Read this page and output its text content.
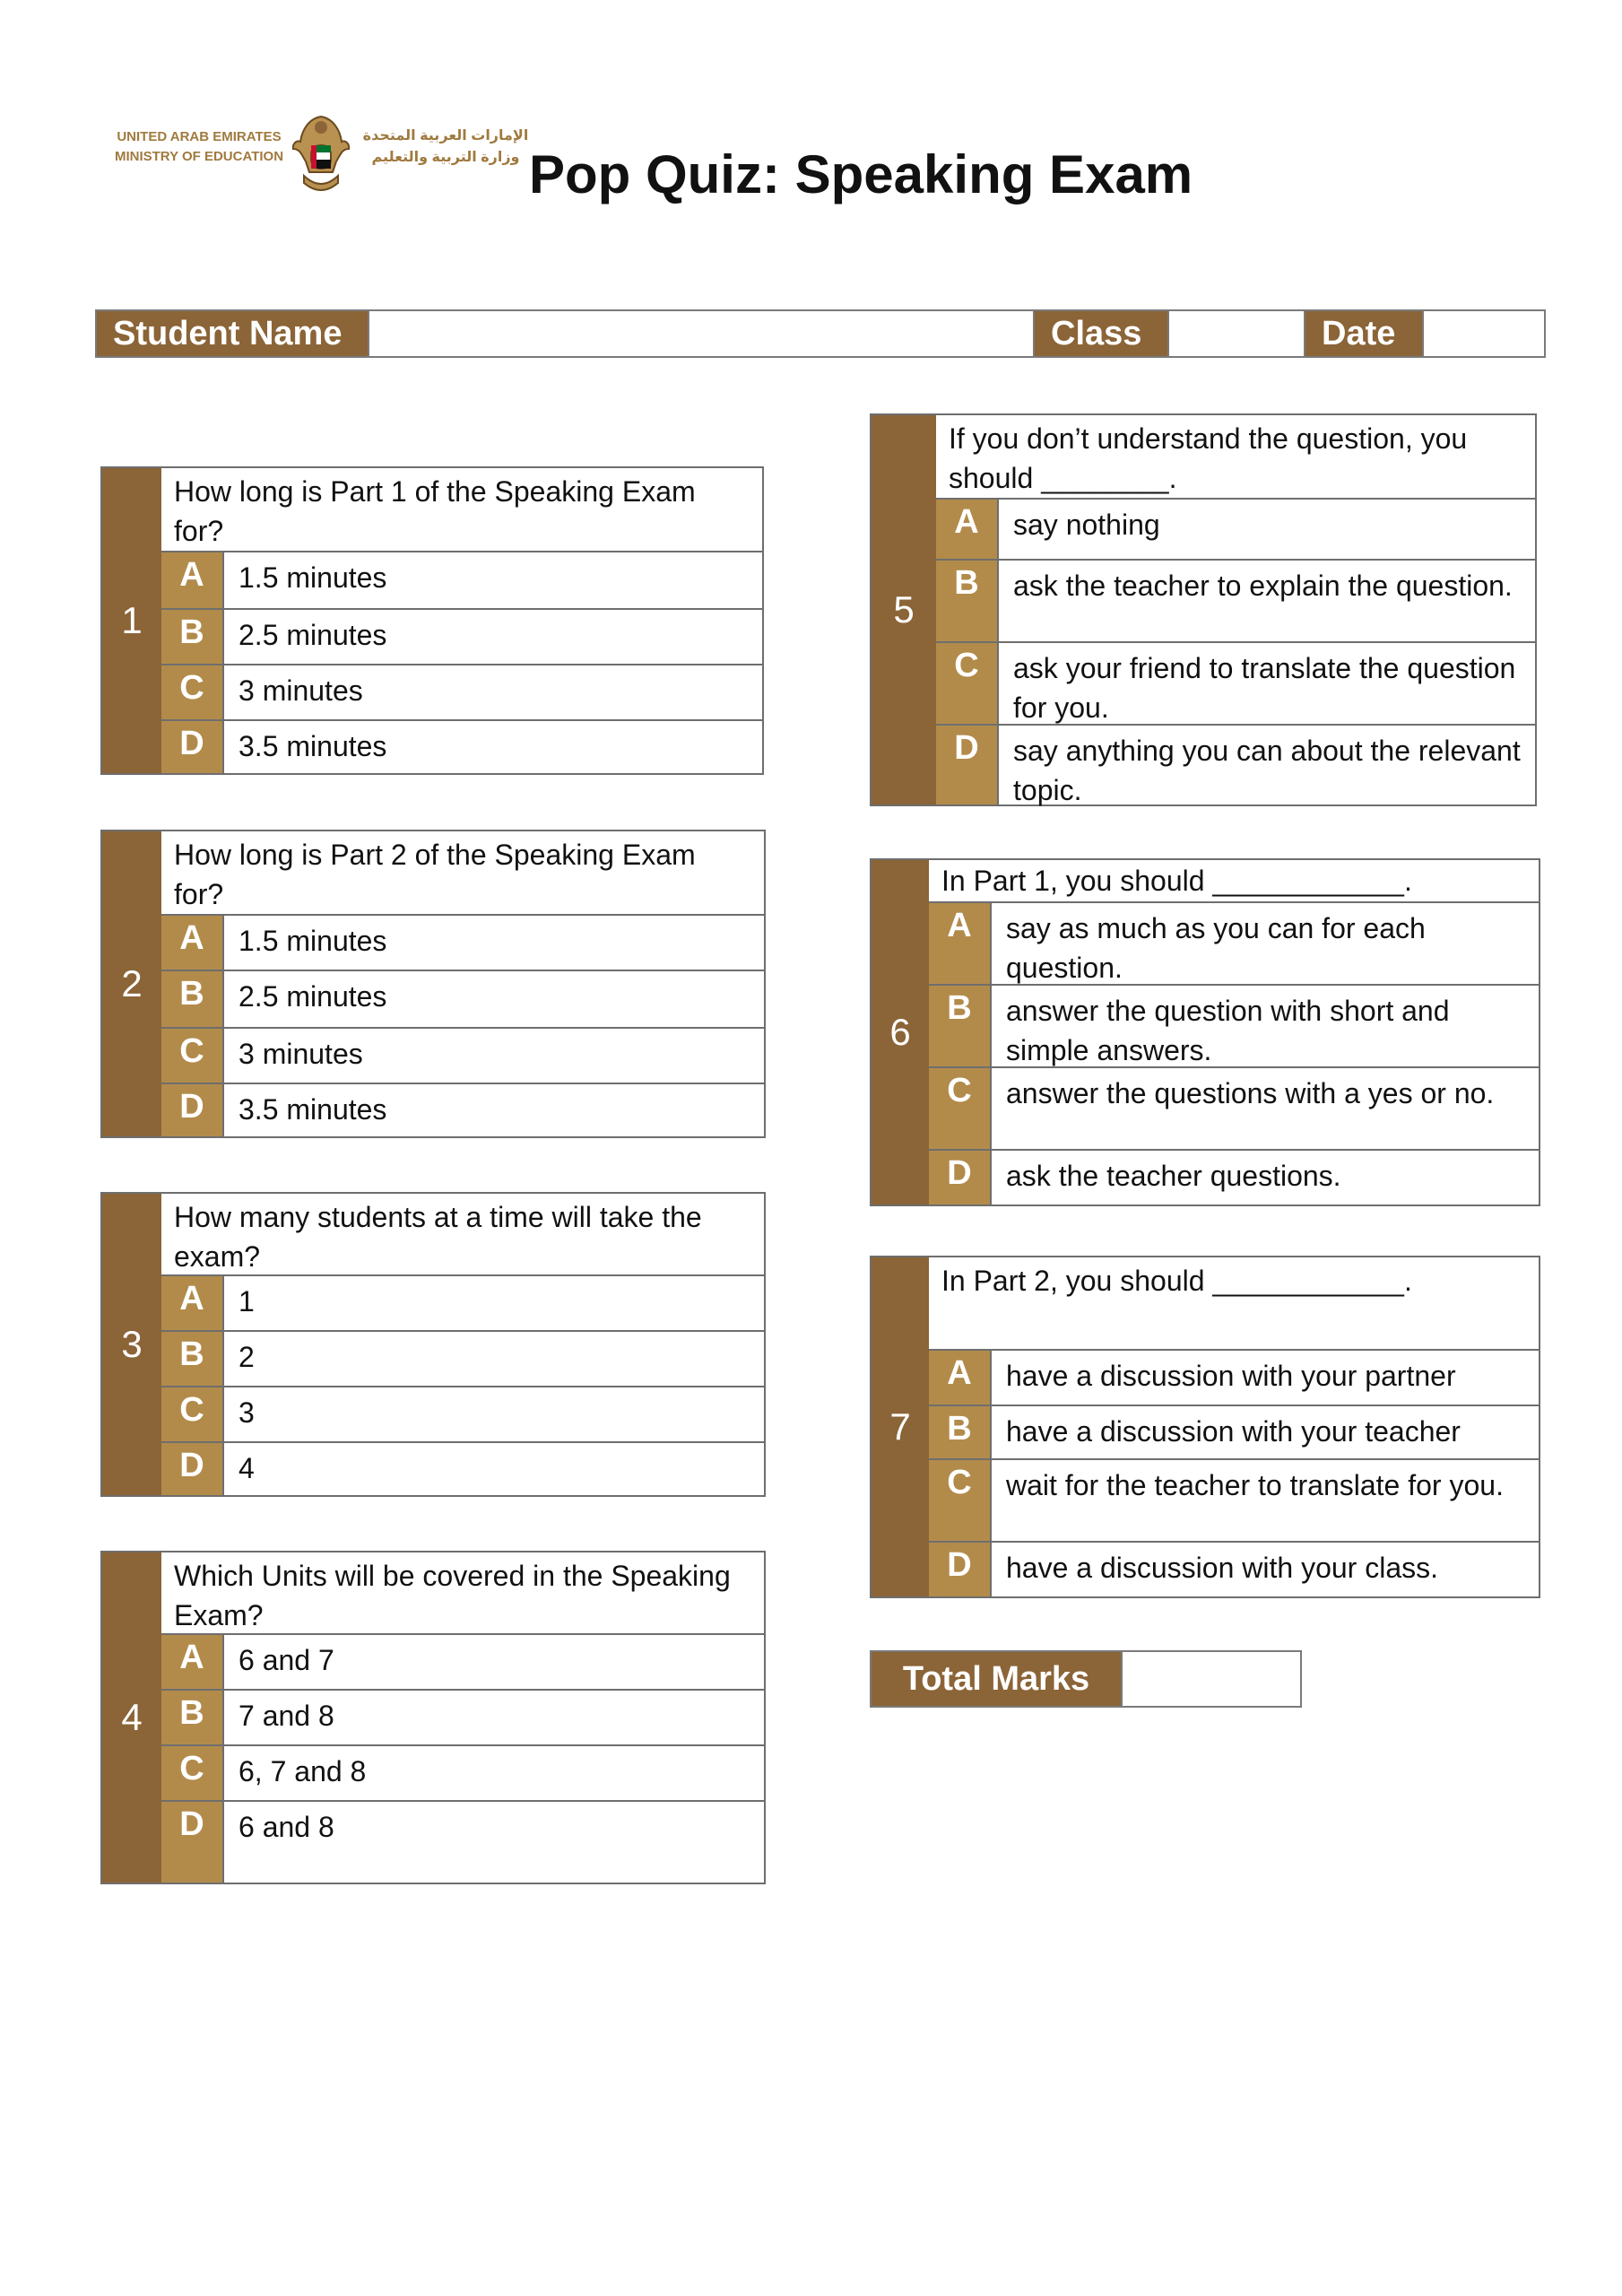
UNITED ARAB EMIRATES
MINISTRY OF EDUCATION
الإمارات العربية المتحدة
وزارة التربية والتعليم Pop Quiz: Speaking Exam
Student Name	Class	Date
1
How long is Part 1 of the Speaking Exam for?
A	1.5 minutes
B	2.5 minutes
C	3 minutes
D	3.5 minutes
2
How long is Part 2 of the Speaking Exam for?
A	1.5 minutes
B	2.5 minutes
C	3 minutes
D	3.5 minutes
3
How many students at a time will take the exam?
A	1
B	2
C	3
D	4
4
Which Units will be covered in the Speaking Exam?
A	6 and 7
B	7 and 8
C	6, 7 and 8
D	6 and 8
5
If you don’t understand the question, you should ________.
A	say nothing
B	ask the teacher to explain the question.
C	ask your friend to translate the question for you.
D	say anything you can about the relevant topic.
6
In Part 1, you should ____________.
A	say as much as you can for each question.
B	answer the question with short and simple answers.
C	answer the questions with a yes or no.
D	ask the teacher questions.
7
In Part 2, you should ____________.
A	have a discussion with your partner
B	have a discussion with your teacher
C	wait for the teacher to translate for you.
D	have a discussion with your class.
Total Marks
